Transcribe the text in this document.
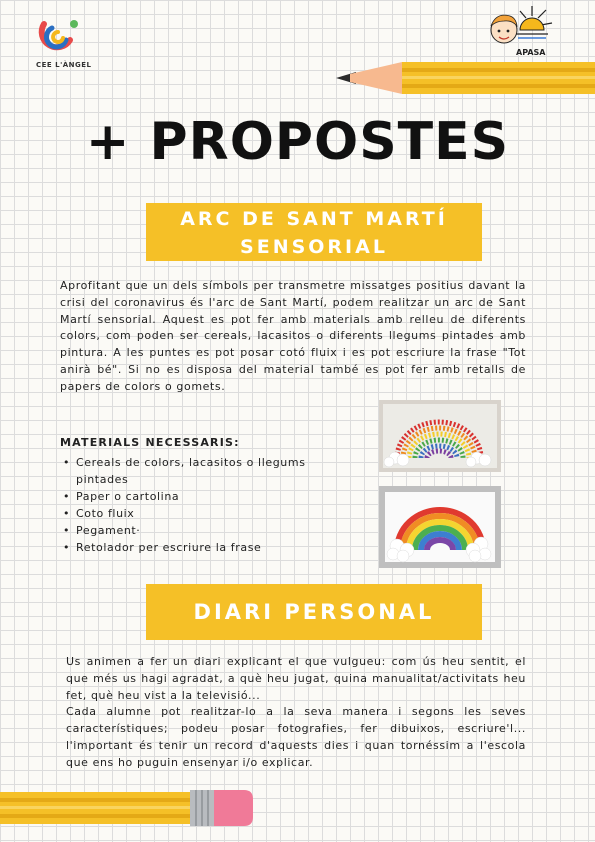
CEE L'ÀNGEL
APASA
+ PROPOSTES
ARC DE SANT MARTÍ SENSORIAL
Aprofitant que un dels símbols per transmetre missatges positius davant la crisi del coronavirus és l'arc de Sant Martí, podem realitzar un arc de Sant Martí sensorial. Aquest es pot fer amb materials amb relleu de diferents colors, com poden ser cereals, lacasitos o diferents llegums pintades amb pintura. A les puntes es pot posar cotó fluix i es pot escriure la frase "Tot anirà bé". Si no es disposa del material també es pot fer amb retalls de papers de colors o gomets.
MATERIALS NECESSARIS:
• Cereals de colors, lacasitos o llegums pintades
• Paper o cartolina
• Coto fluix
• Pegament·
• Retolador per escriure la frase
DIARI PERSONAL
Us animen a fer un diari explicant el que vulgueu: com ús heu sentit, el que més us hagi agradat, a què heu jugat, quina manualitat/activitats heu fet, què heu vist a la televisió...
Cada alumne pot realitzar-lo a la seva manera i segons les seves característiques; podeu posar fotografies, fer dibuixos, escriure'l... l'important és tenir un record d'aquests dies i quan tornéssim a l'escola que ens ho puguin ensenyar i/o explicar.
